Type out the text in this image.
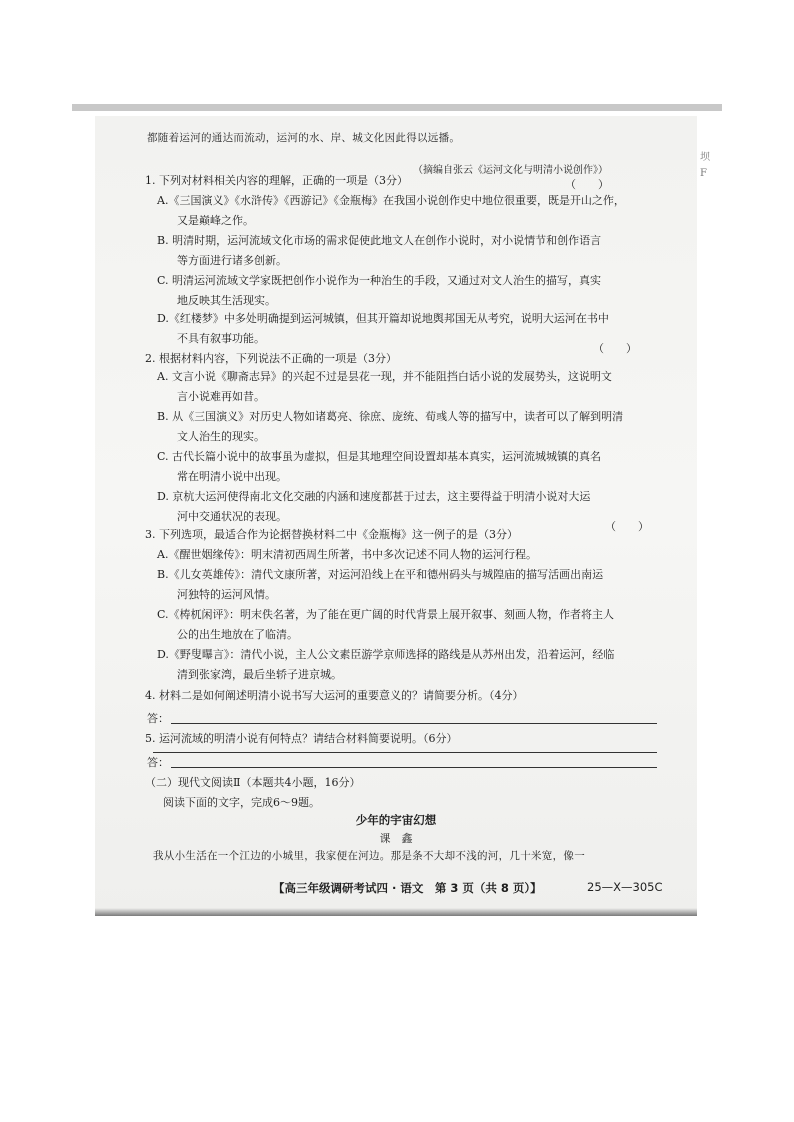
坝
F
都随着运河的通达而流动，运河的水、岸、城文化因此得以远播。
（摘编自张云《运河文化与明清小说创作》）
1. 下列对材料相关内容的理解，正确的一项是（3分）	（　　）
A.《三国演义》《水浒传》《西游记》《金瓶梅》在我国小说创作史中地位很重要，既是开山之作，
又是巅峰之作。
B. 明清时期，运河流域文化市场的需求促使此地文人在创作小说时，对小说情节和创作语言
等方面进行诸多创新。
C. 明清运河流域文学家既把创作小说作为一种治生的手段，又通过对文人治生的描写，真实
地反映其生活现实。
D.《红楼梦》中多处明确提到运河城镇，但其开篇却说地舆邦国无从考究，说明大运河在书中
不具有叙事功能。
2. 根据材料内容，下列说法不正确的一项是（3分）
（　　）
A. 文言小说《聊斋志异》的兴起不过是昙花一现，并不能阻挡白话小说的发展势头，这说明文
言小说难再如昔。
B. 从《三国演义》对历史人物如诸葛亮、徐庶、庞统、荀彧人等的描写中，读者可以了解到明清
文人治生的现实。
C. 古代长篇小说中的故事虽为虚拟，但是其地理空间设置却基本真实，运河流城城镇的真名
常在明清小说中出现。
D. 京杭大运河使得南北文化交融的内涵和速度都甚于过去，这主要得益于明清小说对大运
河中交通状况的表现。
3. 下列选项，最适合作为论据替换材料二中《金瓶梅》这一例子的是（3分）
（　　）
A.《醒世姻缘传》：明末清初西周生所著，书中多次记述不同人物的运河行程。
B.《儿女英雄传》：清代文康所著，对运河沿线上在平和德州码头与城隍庙的描写活画出南运
河独特的运河风情。
C.《梼杌闲评》：明末佚名著，为了能在更广阔的时代背景上展开叙事、刻画人物，作者将主人
公的出生地放在了临清。
D.《野叟曝言》：清代小说，主人公文素臣游学京师选择的路线是从苏州出发，沿着运河，经临
清到张家湾，最后坐轿子进京城。
4. 材料二是如何阐述明清小说书写大运河的重要意义的？请简要分析。（4分）
答：
5. 运河流域的明清小说有何特点？请结合材料简要说明。（6分）
答：
（二）现代文阅读Ⅱ（本题共4小题，16分）
阅读下面的文字，完成6～9题。
少年的宇宙幻想
课　鑫
我从小生活在一个江边的小城里，我家便在河边。那是条不大却不浅的河，几十米宽，像一
【高三年级调研考试四 · 语文　第 3 页（共 8 页）】	25—X—305C
